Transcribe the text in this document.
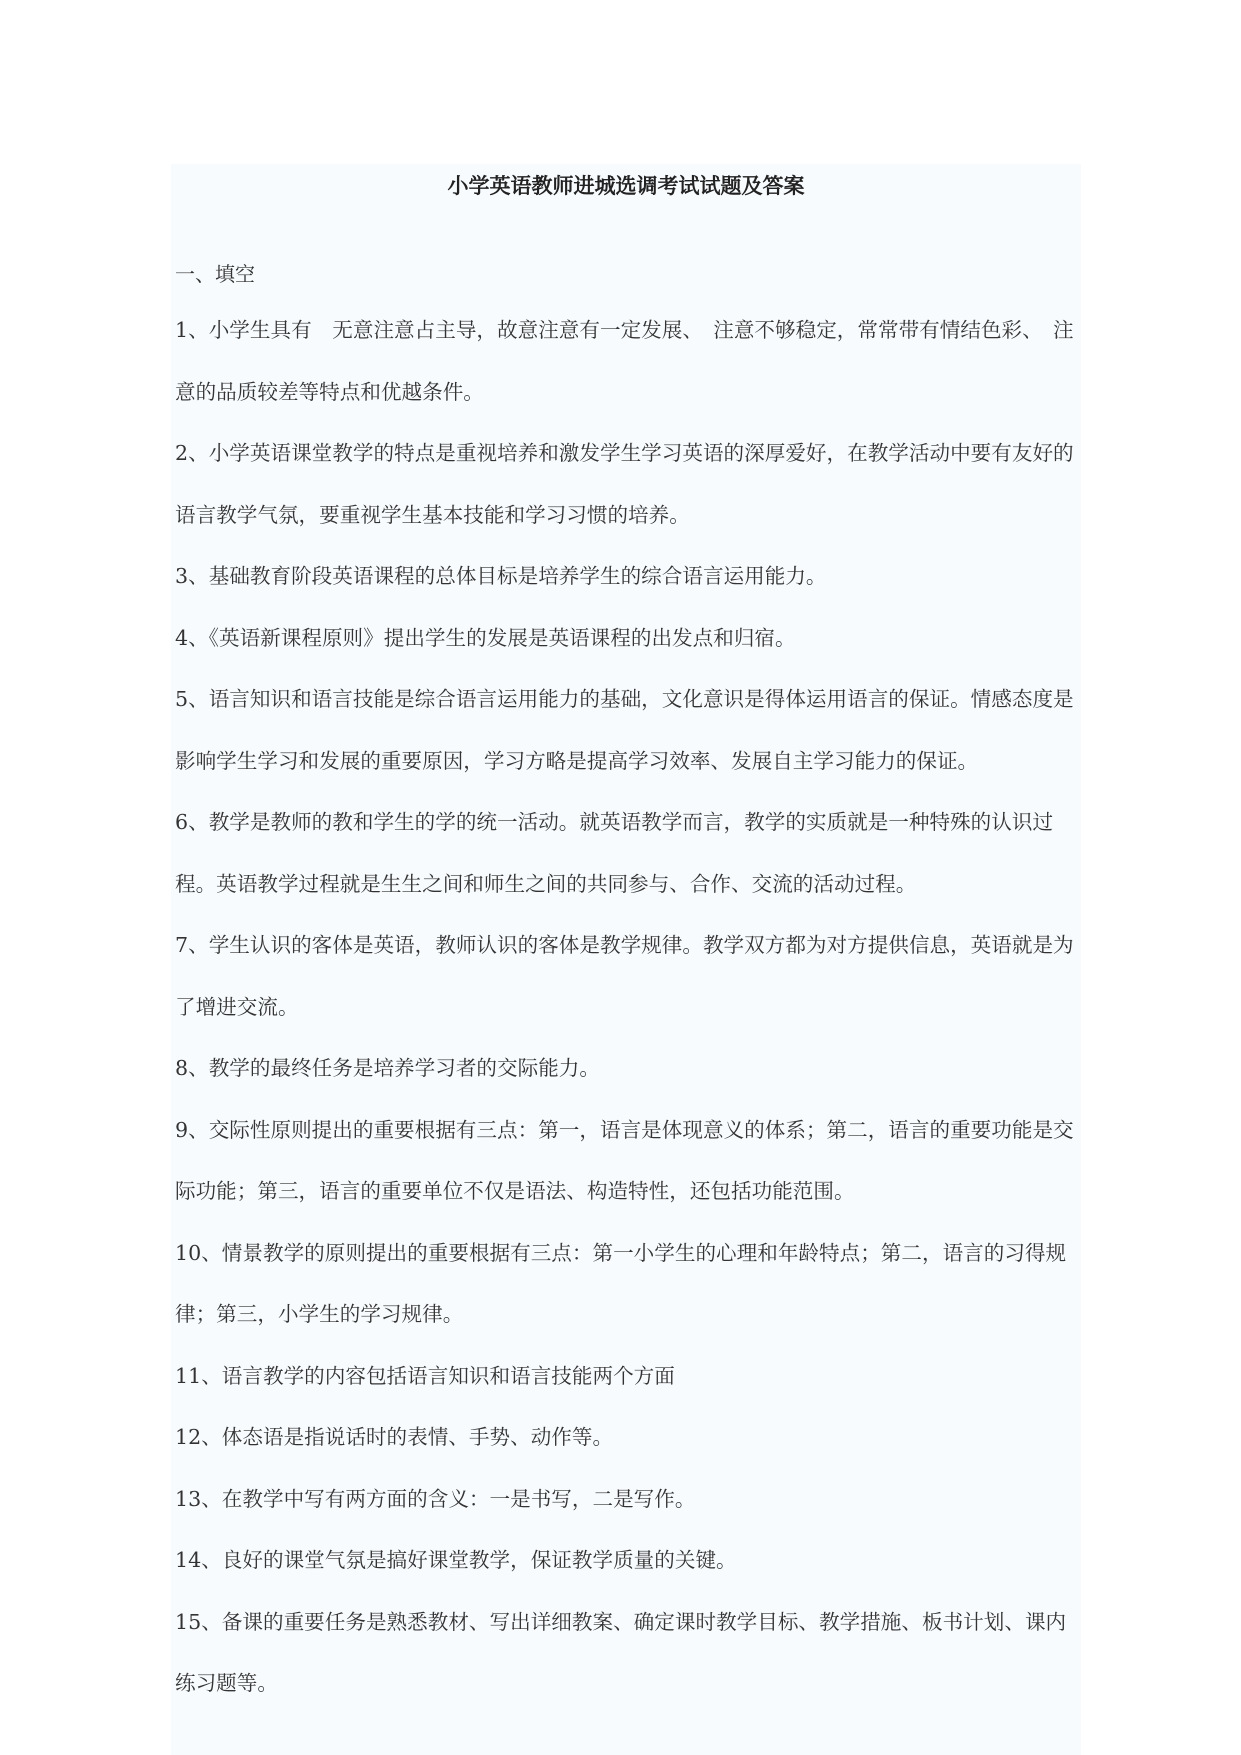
小学英语教师进城选调考试试题及答案

一、填空

1、小学生具有　无意注意占主导，故意注意有一定发展、　注意不够稳定，常常带有情结色彩、　注意的品质较差等特点和优越条件。
2、小学英语课堂教学的特点是重视培养和激发学生学习英语的深厚爱好，在教学活动中要有友好的语言教学气氛，要重视学生基本技能和学习习惯的培养。
3、基础教育阶段英语课程的总体目标是培养学生的综合语言运用能力。
4、《英语新课程原则》提出学生的发展是英语课程的出发点和归宿。
5、语言知识和语言技能是综合语言运用能力的基础，文化意识是得体运用语言的保证。情感态度是影响学生学习和发展的重要原因，学习方略是提高学习效率、发展自主学习能力的保证。
6、教学是教师的教和学生的学的统一活动。就英语教学而言，教学的实质就是一种特殊的认识过程。英语教学过程就是生生之间和师生之间的共同参与、合作、交流的活动过程。
7、学生认识的客体是英语，教师认识的客体是教学规律。教学双方都为对方提供信息，英语就是为了增进交流。
8、教学的最终任务是培养学习者的交际能力。
9、交际性原则提出的重要根据有三点：第一，语言是体现意义的体系；第二，语言的重要功能是交际功能；第三，语言的重要单位不仅是语法、构造特性，还包括功能范围。
10、情景教学的原则提出的重要根据有三点：第一小学生的心理和年龄特点；第二，语言的习得规律；第三，小学生的学习规律。
11、语言教学的内容包括语言知识和语言技能两个方面
12、体态语是指说话时的表情、手势、动作等。
13、在教学中写有两方面的含义：一是书写，二是写作。
14、良好的课堂气氛是搞好课堂教学，保证教学质量的关键。
15、备课的重要任务是熟悉教材、写出详细教案、确定课时教学目标、教学措施、板书计划、课内练习题等。
